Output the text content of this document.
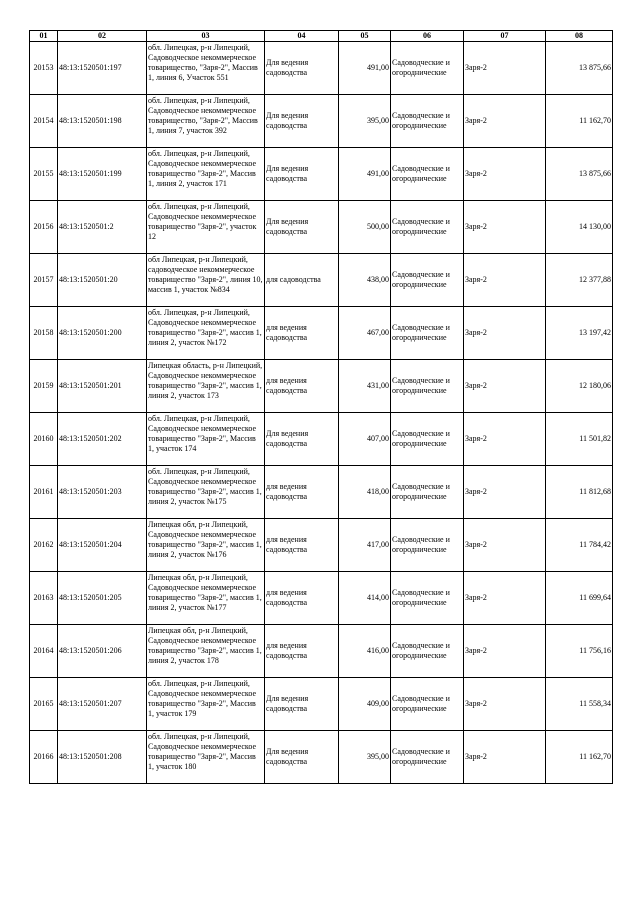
01	02	03	04	05	06	07	08
20153	48:13:1520501:197	обл. Липецкая, р-н Липецкий, Садоводческое некоммерческое товарищество, "Заря-2", Массив 1, линия 6, Участок 551	Для ведения садоводства	491,00	Садоводческие и огороднические	Заря-2	13 875,66
20154	48:13:1520501:198	обл. Липецкая, р-н Липецкий, Садоводческое некоммерческое товарищество, "Заря-2", Массив 1, линия 7, участок 392	Для ведения садоводства	395,00	Садоводческие и огороднические	Заря-2	11 162,70
20155	48:13:1520501:199	обл. Липецкая, р-н Липецкий, Садоводческое некоммерческое товарищество "Заря-2", Массив 1, линия 2, участок 171	Для ведения садоводства	491,00	Садоводческие и огороднические	Заря-2	13 875,66
20156	48:13:1520501:2	обл. Липецкая, р-н Липецкий, Садоводческое некоммерческое товарищество "Заря-2", участок 12	Для ведения садоводства	500,00	Садоводческие и огороднические	Заря-2	14 130,00
20157	48:13:1520501:20	обл Липецкая, р-н Липецкий, садоводческое некоммерческое товарищество "Заря-2", линия 10, массив 1, участок №834	для садоводства	438,00	Садоводческие и огороднические	Заря-2	12 377,88
20158	48:13:1520501:200	обл. Липецкая, р-н Липецкий, Садоводческое некоммерческое товарищество "Заря-2", массив 1, линия 2, участок №172	для ведения садоводства	467,00	Садоводческие и огороднические	Заря-2	13 197,42
20159	48:13:1520501:201	Липецкая область, р-н Липецкий, Садоводческое некоммерческое товарищество "Заря-2", массив 1, линия 2, участок 173	для ведения садоводства	431,00	Садоводческие и огороднические	Заря-2	12 180,06
20160	48:13:1520501:202	обл. Липецкая, р-н Липецкий, Садоводческое некоммерческое товарищество "Заря-2", Массив 1, участок 174	Для ведения садоводства	407,00	Садоводческие и огороднические	Заря-2	11 501,82
20161	48:13:1520501:203	обл. Липецкая, р-н Липецкий, Садоводческое некоммерческое товарищество "Заря-2", массив 1, линия 2, участок №175	для ведения садоводства	418,00	Садоводческие и огороднические	Заря-2	11 812,68
20162	48:13:1520501:204	Липецкая обл, р-н Липецкий, Садоводческое некоммерческое товарищество "Заря-2", массив 1, линия 2, участок №176	для ведения садоводства	417,00	Садоводческие и огороднические	Заря-2	11 784,42
20163	48:13:1520501:205	Липецкая обл, р-н Липецкий, Садоводческое некоммерческое товарищество "Заря-2", массив 1, линия 2, участок №177	для ведения садоводства	414,00	Садоводческие и огороднические	Заря-2	11 699,64
20164	48:13:1520501:206	Липецкая обл, р-н Липецкий, Садоводческое некоммерческое товарищество "Заря-2", массив 1, линия 2, участок 178	для ведения садоводства	416,00	Садоводческие и огороднические	Заря-2	11 756,16
20165	48:13:1520501:207	обл. Липецкая, р-н Липецкий, Садоводческое некоммерческое товарищество "Заря-2", Массив 1, участок 179	Для ведения садоводства	409,00	Садоводческие и огороднические	Заря-2	11 558,34
20166	48:13:1520501:208	обл. Липецкая, р-н Липецкий, Садоводческое некоммерческое товарищество "Заря-2", Массив 1, участок 180	Для ведения садоводства	395,00	Садоводческие и огороднические	Заря-2	11 162,70
